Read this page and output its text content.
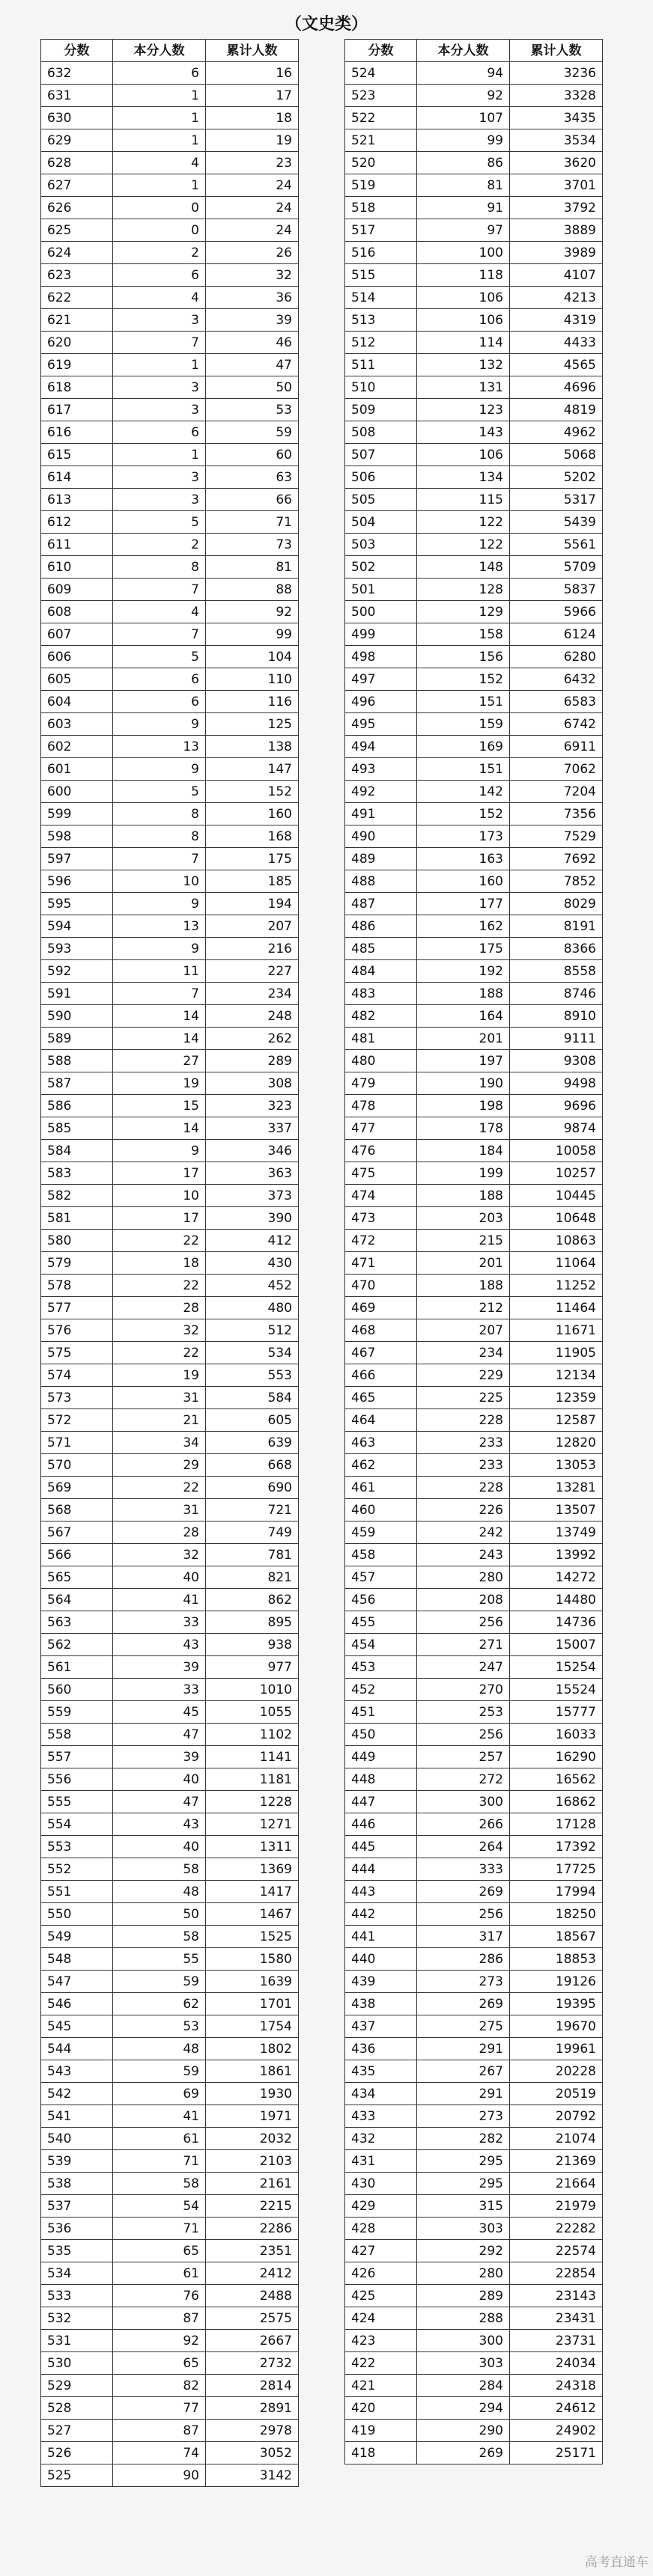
（文史类）
分数	本分人数	累计人数
632	6	16
631	1	17
630	1	18
629	1	19
628	4	23
627	1	24
626	0	24
625	0	24
624	2	26
623	6	32
622	4	36
621	3	39
620	7	46
619	1	47
618	3	50
617	3	53
616	6	59
615	1	60
614	3	63
613	3	66
612	5	71
611	2	73
610	8	81
609	7	88
608	4	92
607	7	99
606	5	104
605	6	110
604	6	116
603	9	125
602	13	138
601	9	147
600	5	152
599	8	160
598	8	168
597	7	175
596	10	185
595	9	194
594	13	207
593	9	216
592	11	227
591	7	234
590	14	248
589	14	262
588	27	289
587	19	308
586	15	323
585	14	337
584	9	346
583	17	363
582	10	373
581	17	390
580	22	412
579	18	430
578	22	452
577	28	480
576	32	512
575	22	534
574	19	553
573	31	584
572	21	605
571	34	639
570	29	668
569	22	690
568	31	721
567	28	749
566	32	781
565	40	821
564	41	862
563	33	895
562	43	938
561	39	977
560	33	1010
559	45	1055
558	47	1102
557	39	1141
556	40	1181
555	47	1228
554	43	1271
553	40	1311
552	58	1369
551	48	1417
550	50	1467
549	58	1525
548	55	1580
547	59	1639
546	62	1701
545	53	1754
544	48	1802
543	59	1861
542	69	1930
541	41	1971
540	61	2032
539	71	2103
538	58	2161
537	54	2215
536	71	2286
535	65	2351
534	61	2412
533	76	2488
532	87	2575
531	92	2667
530	65	2732
529	82	2814
528	77	2891
527	87	2978
526	74	3052
525	90	3142
分数	本分人数	累计人数
524	94	3236
523	92	3328
522	107	3435
521	99	3534
520	86	3620
519	81	3701
518	91	3792
517	97	3889
516	100	3989
515	118	4107
514	106	4213
513	106	4319
512	114	4433
511	132	4565
510	131	4696
509	123	4819
508	143	4962
507	106	5068
506	134	5202
505	115	5317
504	122	5439
503	122	5561
502	148	5709
501	128	5837
500	129	5966
499	158	6124
498	156	6280
497	152	6432
496	151	6583
495	159	6742
494	169	6911
493	151	7062
492	142	7204
491	152	7356
490	173	7529
489	163	7692
488	160	7852
487	177	8029
486	162	8191
485	175	8366
484	192	8558
483	188	8746
482	164	8910
481	201	9111
480	197	9308
479	190	9498
478	198	9696
477	178	9874
476	184	10058
475	199	10257
474	188	10445
473	203	10648
472	215	10863
471	201	11064
470	188	11252
469	212	11464
468	207	11671
467	234	11905
466	229	12134
465	225	12359
464	228	12587
463	233	12820
462	233	13053
461	228	13281
460	226	13507
459	242	13749
458	243	13992
457	280	14272
456	208	14480
455	256	14736
454	271	15007
453	247	15254
452	270	15524
451	253	15777
450	256	16033
449	257	16290
448	272	16562
447	300	16862
446	266	17128
445	264	17392
444	333	17725
443	269	17994
442	256	18250
441	317	18567
440	286	18853
439	273	19126
438	269	19395
437	275	19670
436	291	19961
435	267	20228
434	291	20519
433	273	20792
432	282	21074
431	295	21369
430	295	21664
429	315	21979
428	303	22282
427	292	22574
426	280	22854
425	289	23143
424	288	23431
423	300	23731
422	303	24034
421	284	24318
420	294	24612
419	290	24902
418	269	25171
高考直通车
